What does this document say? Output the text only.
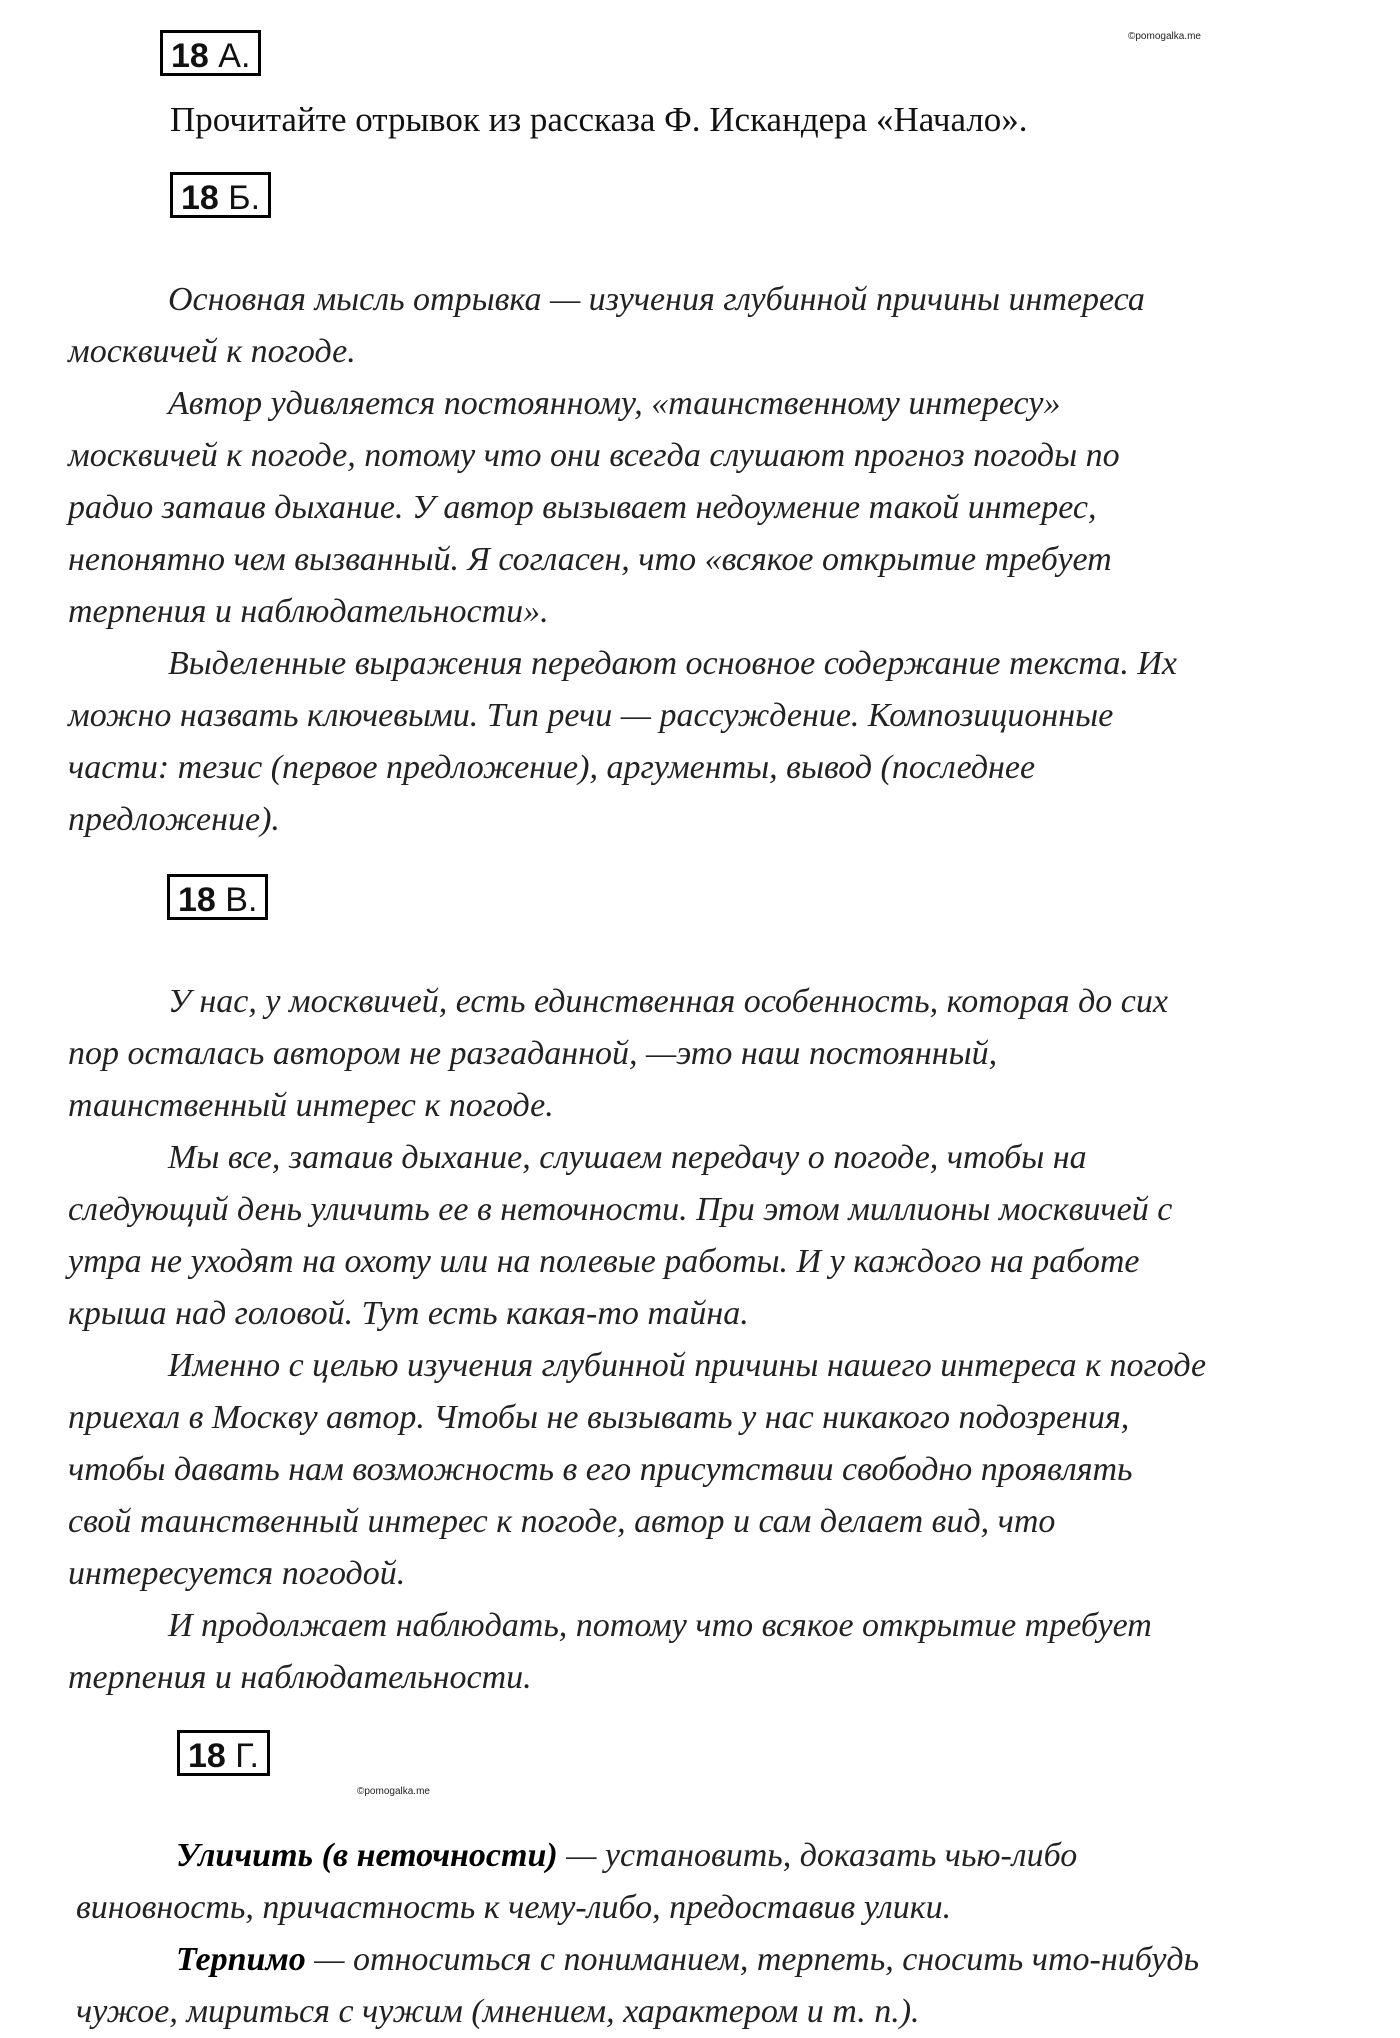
©pomogalka.me
18 А.
Прочитайте отрывок из рассказа Ф. Искандера «Начало».
18 Б.
Основная мысль отрывка — изучения глубинной причины интереса
москвичей к погоде.
Автор удивляется постоянному, «таинственному интересу»
москвичей к погоде, потому что они всегда слушают прогноз погоды по
радио затаив дыхание. У автор вызывает недоумение такой интерес,
непонятно чем вызванный. Я согласен, что «всякое открытие требует
терпения и наблюдательности».
Выделенные выражения передают основное содержание текста. Их
можно назвать ключевыми. Тип речи — рассуждение. Композиционные
части: тезис (первое предложение), аргументы, вывод (последнее
предложение).
18 В.
У нас, у москвичей, есть единственная особенность, которая до сих
пор осталась автором не разгаданной, —это наш постоянный,
таинственный интерес к погоде.
Мы все, затаив дыхание, слушаем передачу о погоде, чтобы на
следующий день уличить ее в неточности. При этом миллионы москвичей с
утра не уходят на охоту или на полевые работы. И у каждого на работе
крыша над головой. Тут есть какая-то тайна.
Именно с целью изучения глубинной причины нашего интереса к погоде
приехал в Москву автор. Чтобы не вызывать у нас никакого подозрения,
чтобы давать нам возможность в его присутствии свободно проявлять
свой таинственный интерес к погоде, автор и сам делает вид, что
интересуется погодой.
И продолжает наблюдать, потому что всякое открытие требует
терпения и наблюдательности.
18 Г.
©pomogalka.me
Уличить (в неточности) — установить, доказать чью-либо
виновность, причастность к чему-либо, предоставив улики.
Терпимо — относиться с пониманием, терпеть, сносить что-нибудь
чужое, мириться с чужим (мнением, характером и т. п.).
